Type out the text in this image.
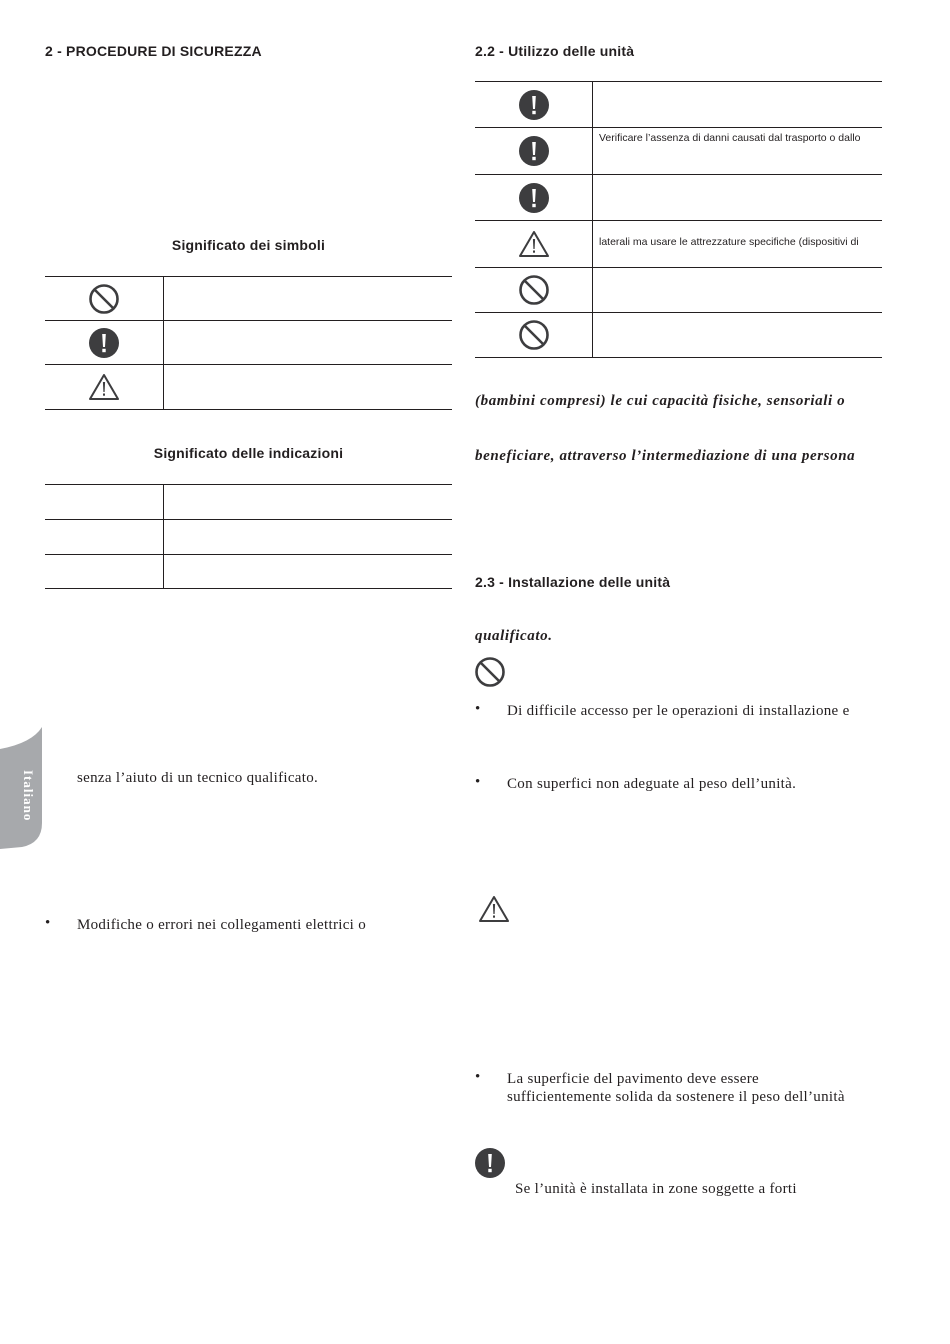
2 - PROCEDURE DI SICUREZZA
Significato dei simboli
Significato delle indicazioni
Italiano	senza l’aiuto di un tecnico qualificato.
• Modifiche o errori nei collegamenti elettrici o
2.2 - Utilizzo delle unità
Verificare l’assenza di danni causati dal trasporto o dallo
laterali ma usare le attrezzature specifiche (dispositivi di
(bambini compresi) le cui capacità fisiche, sensoriali o
beneficiare, attraverso l’intermediazione di una persona
2.3 - Installazione delle unità
qualificato.
• Di difficile accesso per le operazioni di installazione e
• Con superfici non adeguate al peso dell’unità.
• La superficie del pavimento deve essere
sufficientemente solida da sostenere il peso dell’unità
Se l’unità è installata in zone soggette a forti
